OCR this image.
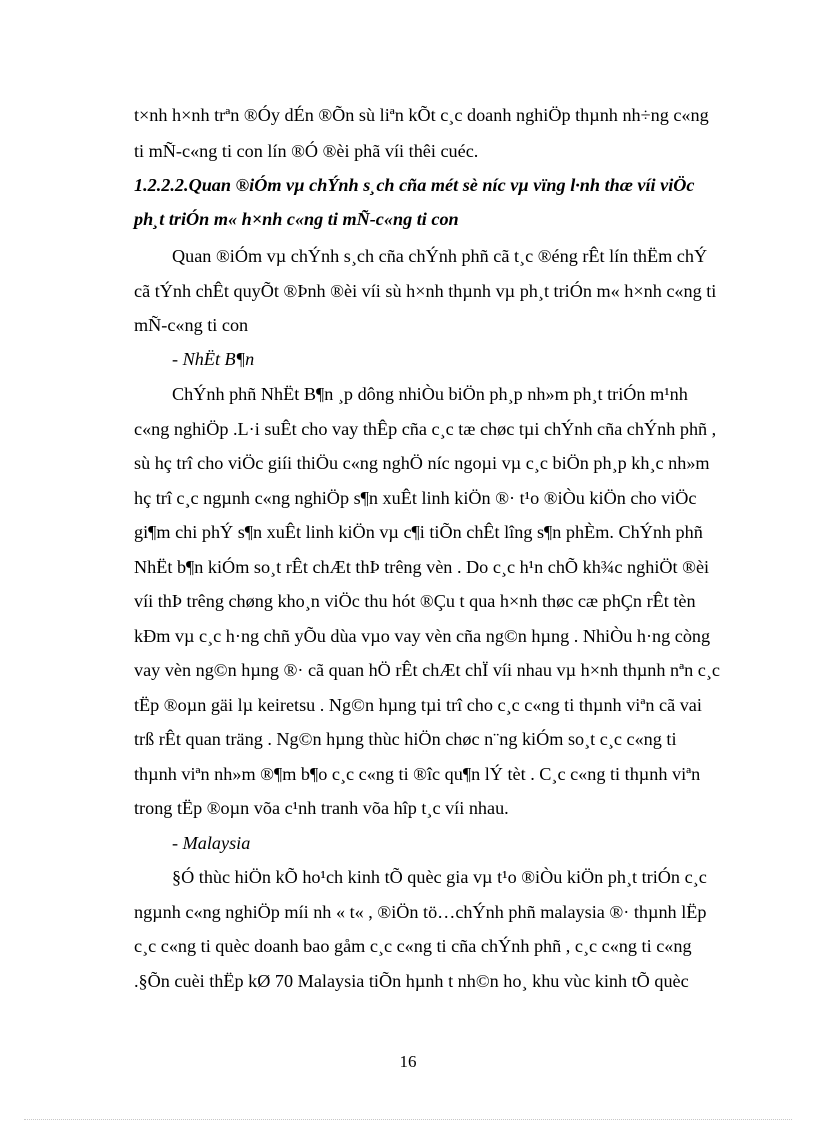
t×nh h×nh trªn ®Óy dÉn ®Õn sù liªn kÕt c¸c doanh nghiÖp thµnh nh÷ng c«ng
ti mÑ-c«ng ti con lín ®Ó ®èi phã víi thêi cuéc.
1.2.2.2.Quan ®iÓm vµ chÝnh s¸ch cña mét sè níc vµ vïng l·nh thæ víi viÖc
ph¸t triÓn m« h×nh c«ng ti mÑ-c«ng ti con
Quan ®iÓm vµ chÝnh s¸ch cña chÝnh phñ cã t¸c ®éng rÊt lín thËm chÝ
cã tÝnh chÊt quyÕt ®Þnh ®èi víi sù h×nh thµnh vµ ph¸t triÓn m« h×nh c«ng ti
mÑ-c«ng ti con
- NhËt B¶n
ChÝnh phñ NhËt B¶n ¸p dông nhiÒu biÖn ph¸p nh»m ph¸t triÓn m¹nh
c«ng nghiÖp .L·i suÊt cho vay thÊp cña c¸c tæ chøc tµi chÝnh cña chÝnh phñ ,
sù hç trî cho viÖc giíi thiÖu c«ng nghÖ níc ngoµi vµ c¸c biÖn ph¸p kh¸c nh»m
hç trî c¸c ngµnh c«ng nghiÖp s¶n xuÊt linh kiÖn ®· t¹o ®iÒu kiÖn cho viÖc
gi¶m chi phÝ s¶n xuÊt linh kiÖn vµ c¶i tiÕn chÊt lîng s¶n phÈm. ChÝnh phñ
NhËt b¶n kiÓm so¸t rÊt chÆt thÞ trêng vèn . Do c¸c h¹n chÕ kh¾c nghiÖt ®èi
víi thÞ trêng chøng kho¸n viÖc thu hót ®Çu t qua h×nh thøc cæ phÇn rÊt tèn
kÐm vµ c¸c h·ng chñ yÕu dùa vµo vay vèn cña ng©n hµng . NhiÒu h·ng còng
vay vèn ng©n hµng ®· cã quan hÖ rÊt chÆt chÏ víi nhau vµ h×nh thµnh nªn c¸c
tËp ®oµn gäi lµ keiretsu . Ng©n hµng tµi trî cho c¸c c«ng ti thµnh viªn cã vai
trß rÊt quan träng . Ng©n hµng thùc hiÖn chøc n¨ng kiÓm so¸t c¸c c«ng ti
thµnh viªn nh»m ®¶m b¶o c¸c c«ng ti ®îc qu¶n lÝ tèt . C¸c c«ng ti thµnh viªn
trong tËp ®oµn võa c¹nh tranh võa hîp t¸c víi nhau.
- Malaysia
§Ó thùc hiÖn kÕ ho¹ch kinh tÕ quèc gia vµ t¹o ®iÒu kiÖn ph¸t triÓn c¸c
ngµnh c«ng nghiÖp míi nh « t« , ®iÖn tö…chÝnh phñ malaysia ®· thµnh lËp
c¸c c«ng ti quèc doanh bao gåm c¸c c«ng ti cña chÝnh phñ , c¸c c«ng ti c«ng
.§Õn cuèi thËp kØ 70 Malaysia tiÕn hµnh t nh©n ho¸ khu vùc kinh tÕ quèc
16
